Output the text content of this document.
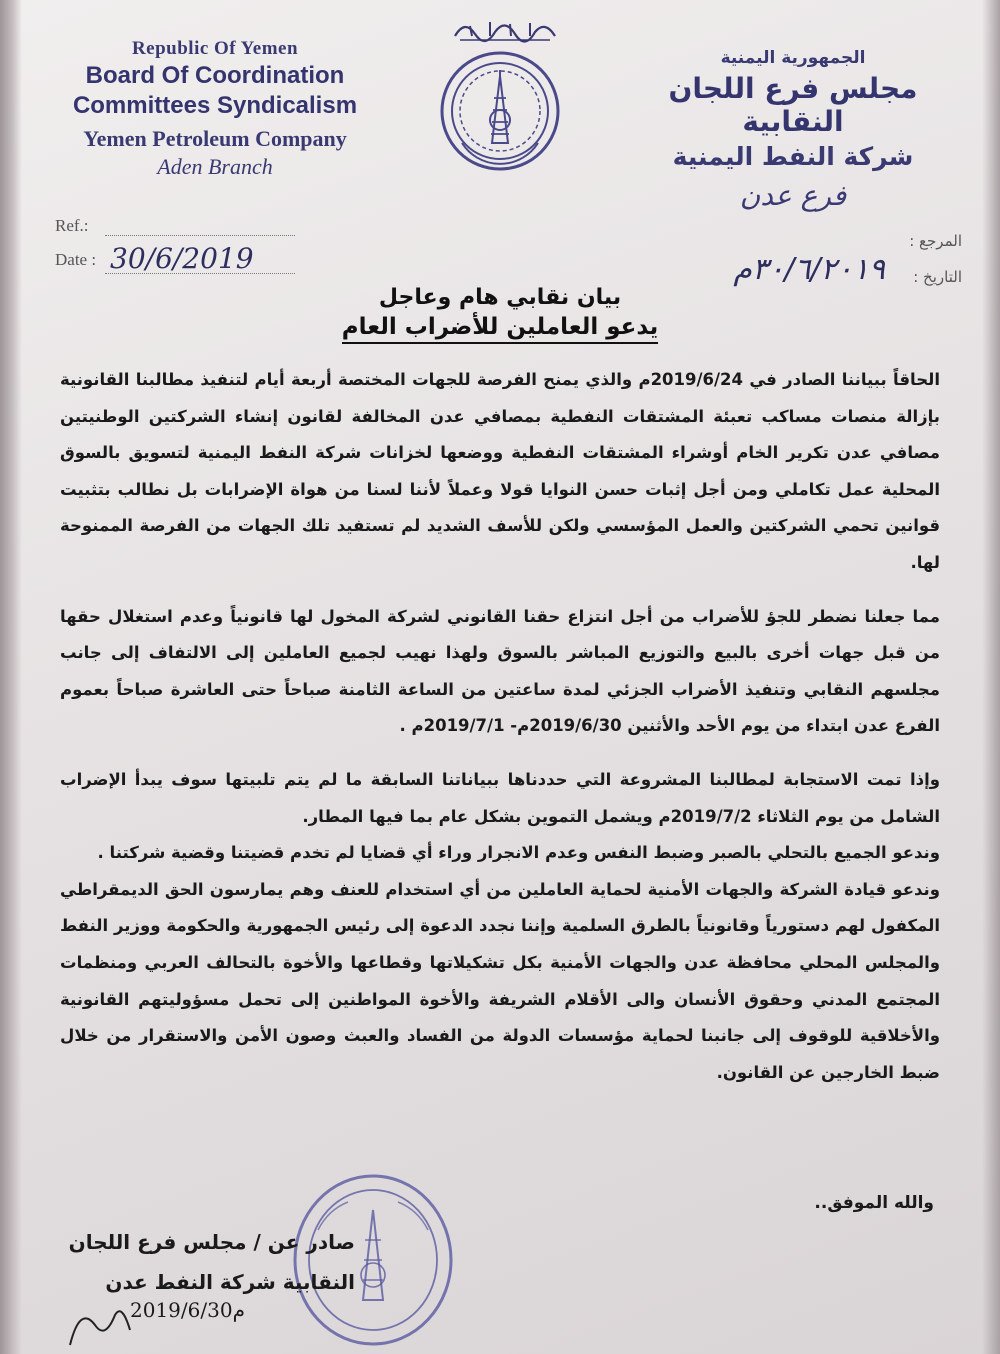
Republic Of Yemen
Board Of Coordination
Committees Syndicalism
Yemen Petroleum Company
Aden Branch
الجمهورية اليمنية
مجلس فرع اللجان النقابية
شركة النفط اليمنية
فرع عدن
Ref.:
Date : 30/6/2019
المرجع :
التاريخ :
٣٠/٦/٢٠١٩م
بيان نقابي هام وعاجل
يدعو العاملين للأضراب العام

الحاقاً ببياننا الصادر في 2019/6/24م والذي يمنح الفرصة للجهات المختصة أربعة أيام لتنفيذ مطالبنا القانونية بإزالة منصات مساكب تعبئة المشتقات النفطية بمصافي عدن المخالفة لقانون إنشاء الشركتين الوطنيتين مصافي عدن تكرير الخام أوشراء المشتقات النفطية ووضعها لخزانات شركة النفط اليمنية لتسويق بالسوق المحلية عمل تكاملي ومن أجل إثبات حسن النوايا قولا وعملاً لأننا لسنا من هواة الإضرابات بل نطالب بتثبيت قوانين تحمي الشركتين والعمل المؤسسي ولكن للأسف الشديد لم تستفيد تلك الجهات من الفرصة الممنوحة لها.

مما جعلنا نضطر للجؤ للأضراب من أجل انتزاع حقنا القانوني لشركة المخول لها قانونياً وعدم استغلال حقها من قبل جهات أخرى بالبيع والتوزيع المباشر بالسوق ولهذا نهيب لجميع العاملين إلى الالتفاف إلى جانب مجلسهم النقابي وتنفيذ الأضراب الجزئي لمدة ساعتين من الساعة الثامنة صباحاً حتى العاشرة صباحاً بعموم الفرع عدن ابتداء من يوم الأحد والأثنين 2019/6/30م- 2019/7/1م .

وإذا تمت الاستجابة لمطالبنا المشروعة التي حددناها ببياناتنا السابقة ما لم يتم تلبيتها سوف يبدأ الإضراب الشامل من يوم الثلاثاء 2019/7/2م ويشمل التموين بشكل عام بما فيها المطار.

وندعو الجميع بالتحلي بالصبر وضبط النفس وعدم الانجرار وراء أي قضايا لم تخدم قضيتنا وقضية شركتنا .

وندعو قيادة الشركة والجهات الأمنية لحماية العاملين من أي استخدام للعنف وهم يمارسون الحق الديمقراطي المكفول لهم دستورياً وقانونياً بالطرق السلمية وإننا نجدد الدعوة إلى رئيس الجمهورية والحكومة ووزير النفط والمجلس المحلي محافظة عدن والجهات الأمنية بكل تشكيلاتها وقطاعها والأخوة بالتحالف العربي ومنظمات المجتمع المدني وحقوق الأنسان والى الأقلام الشريفة والأخوة المواطنين إلى تحمل مسؤوليتهم القانونية والأخلاقية للوقوف إلى جانبنا لحماية مؤسسات الدولة من الفساد والعبث وصون الأمن والاستقرار من خلال ضبط الخارجين عن القانون.

والله الموفق..
صادر عن / مجلس فرع اللجان
النقابية شركة النفط عدن
2019/6/30م
